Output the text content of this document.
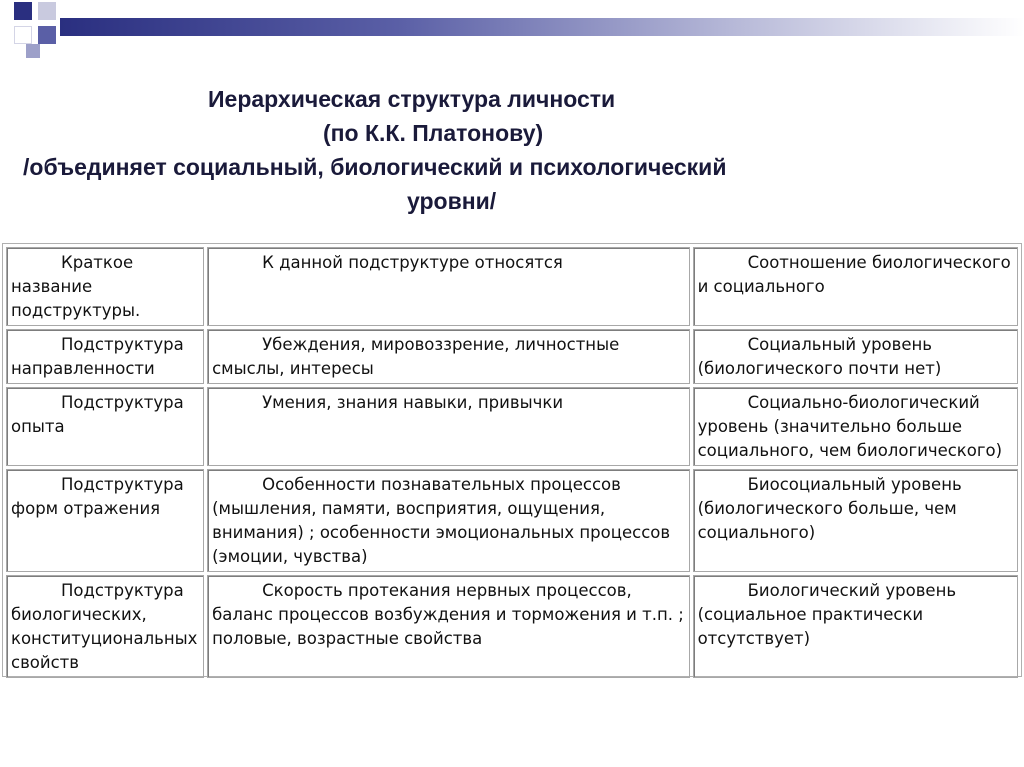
Иерархическая структура личности
(по К.К. Платонову)
/объединяет социальный, биологический и психологический
уровни/
Краткое название подструктуры.	К данной подструктуре относятся	Соотношение биологического и социального
Подструктура направленности	Убеждения, мировоззрение, личностные смыслы, интересы	Социальный уровень (биологического почти нет)
Подструктура опыта	Умения, знания навыки, привычки	Социально-биологический уровень (значительно больше социального, чем биологического)
Подструктура форм отражения	Особенности познавательных процессов (мышления, памяти, восприятия, ощущения, внимания) ; особенности эмоциональных процессов (эмоции, чувства)	Биосоциальный уровень (биологического больше, чем социального)
Подструктура биологических, конституциональных свойств	Скорость протекания нервных процессов, баланс процессов возбуждения и торможения и т.п. ; половые, возрастные свойства	Биологический уровень (социальное практически отсутствует)
